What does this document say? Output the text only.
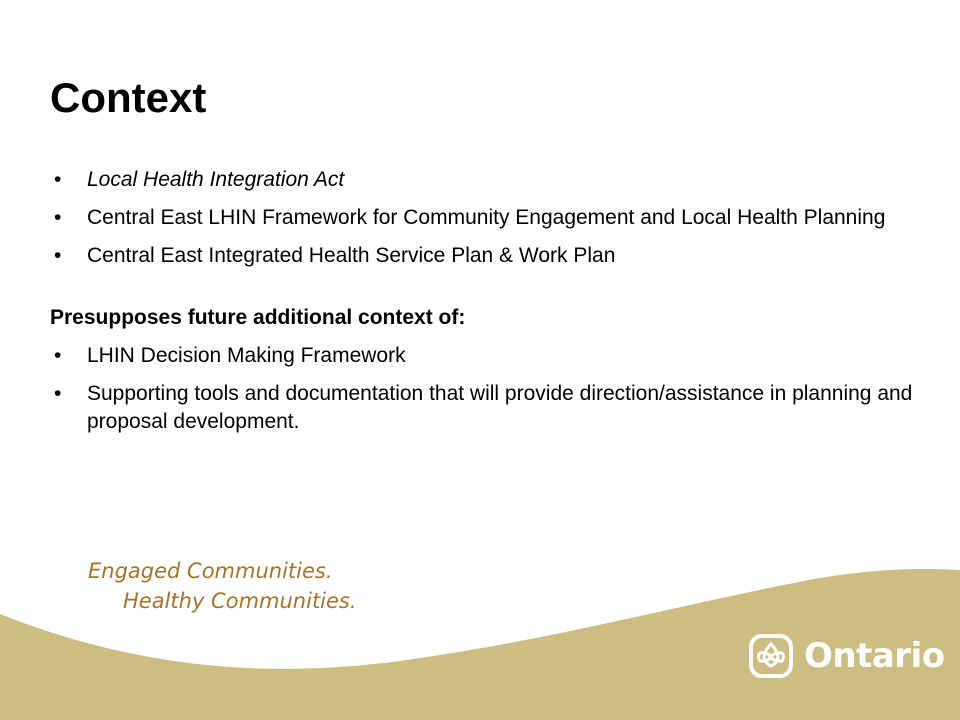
Context
• Local Health Integration Act
• Central East LHIN Framework for Community Engagement and Local Health Planning
• Central East Integrated Health Service Plan & Work Plan
Presupposes future additional context of:
• LHIN Decision Making Framework
• Supporting tools and documentation that will provide direction/assistance in planning and proposal development.
Engaged Communities.
Healthy Communities.
Ontario
